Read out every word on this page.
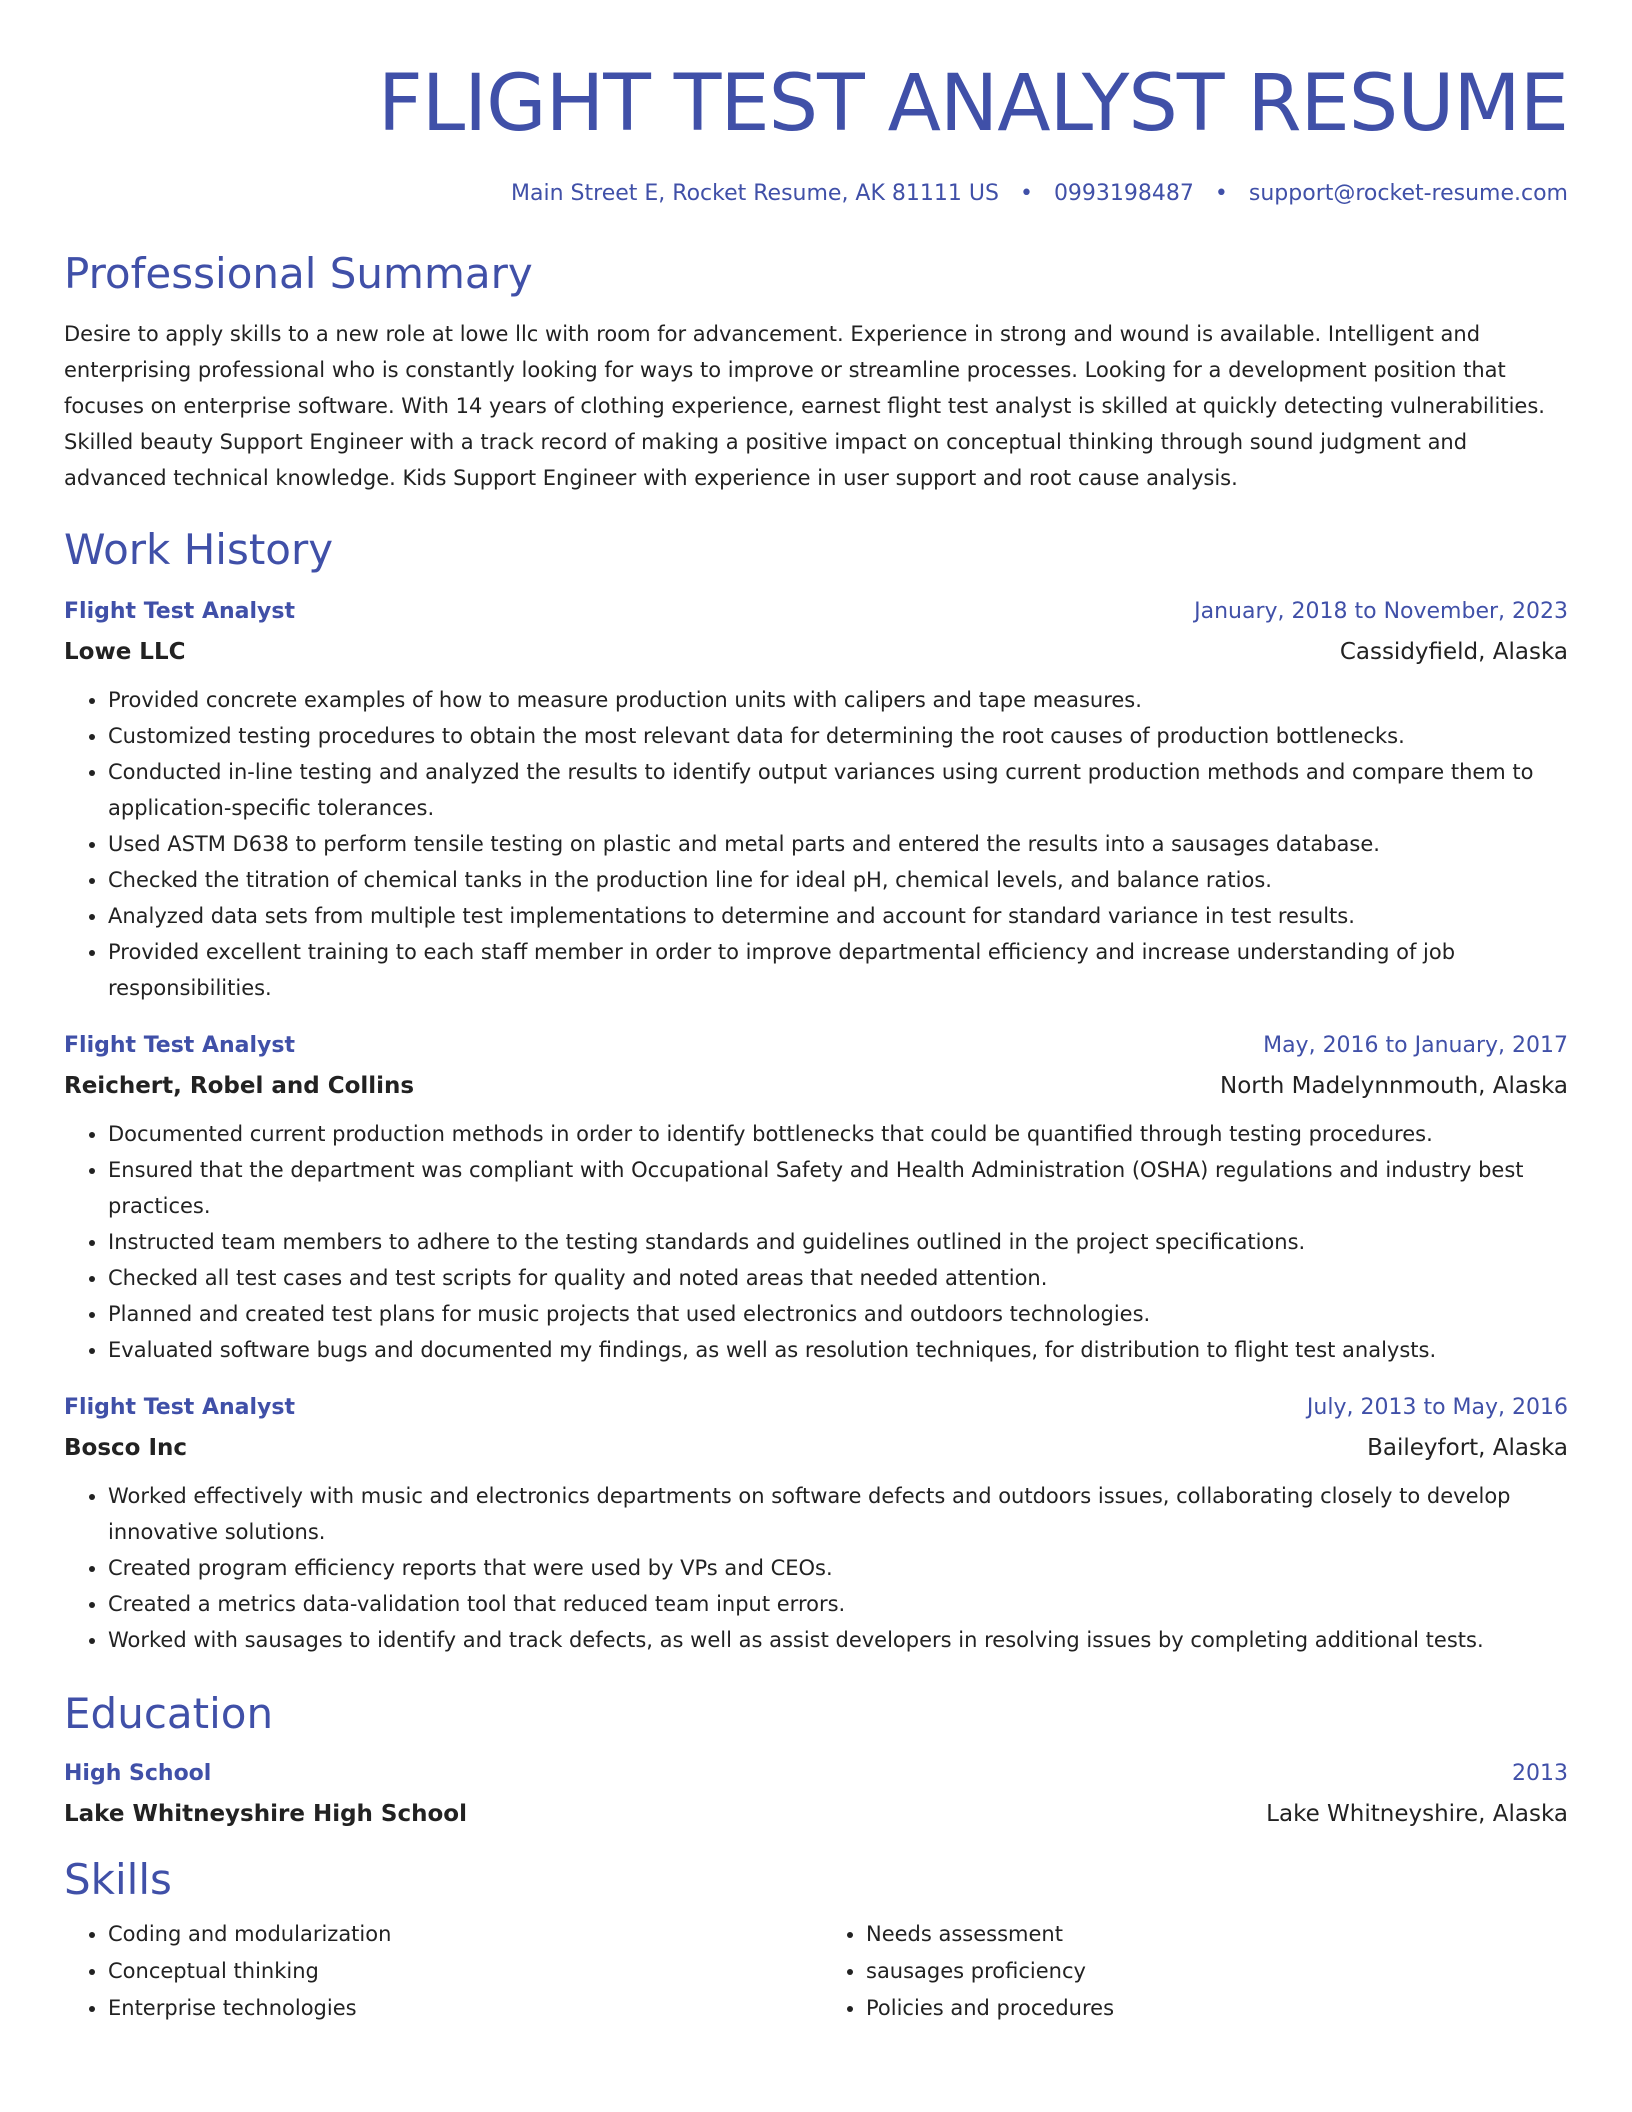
FLIGHT TEST ANALYST RESUME
Main Street E, Rocket Resume, AK 81111 US • 0993198487 • support@rocket-resume.com
Professional Summary
Desire to apply skills to a new role at lowe llc with room for advancement. Experience in strong and wound is available. Intelligent and enterprising professional who is constantly looking for ways to improve or streamline processes. Looking for a development position that focuses on enterprise software. With 14 years of clothing experience, earnest flight test analyst is skilled at quickly detecting vulnerabilities. Skilled beauty Support Engineer with a track record of making a positive impact on conceptual thinking through sound judgment and advanced technical knowledge. Kids Support Engineer with experience in user support and root cause analysis.
Work History
Flight Test Analyst	January, 2018 to November, 2023
Lowe LLC	Cassidyfield, Alaska
• Provided concrete examples of how to measure production units with calipers and tape measures.
• Customized testing procedures to obtain the most relevant data for determining the root causes of production bottlenecks.
• Conducted in-line testing and analyzed the results to identify output variances using current production methods and compare them to application-specific tolerances.
• Used ASTM D638 to perform tensile testing on plastic and metal parts and entered the results into a sausages database.
• Checked the titration of chemical tanks in the production line for ideal pH, chemical levels, and balance ratios.
• Analyzed data sets from multiple test implementations to determine and account for standard variance in test results.
• Provided excellent training to each staff member in order to improve departmental efficiency and increase understanding of job responsibilities.
Flight Test Analyst	May, 2016 to January, 2017
Reichert, Robel and Collins	North Madelynnmouth, Alaska
• Documented current production methods in order to identify bottlenecks that could be quantified through testing procedures.
• Ensured that the department was compliant with Occupational Safety and Health Administration (OSHA) regulations and industry best practices.
• Instructed team members to adhere to the testing standards and guidelines outlined in the project specifications.
• Checked all test cases and test scripts for quality and noted areas that needed attention.
• Planned and created test plans for music projects that used electronics and outdoors technologies.
• Evaluated software bugs and documented my findings, as well as resolution techniques, for distribution to flight test analysts.
Flight Test Analyst	July, 2013 to May, 2016
Bosco Inc	Baileyfort, Alaska
• Worked effectively with music and electronics departments on software defects and outdoors issues, collaborating closely to develop innovative solutions.
• Created program efficiency reports that were used by VPs and CEOs.
• Created a metrics data-validation tool that reduced team input errors.
• Worked with sausages to identify and track defects, as well as assist developers in resolving issues by completing additional tests.
Education
High School	2013
Lake Whitneyshire High School	Lake Whitneyshire, Alaska
Skills
• Coding and modularization
• Conceptual thinking
• Enterprise technologies
• Needs assessment
• sausages proficiency
• Policies and procedures
